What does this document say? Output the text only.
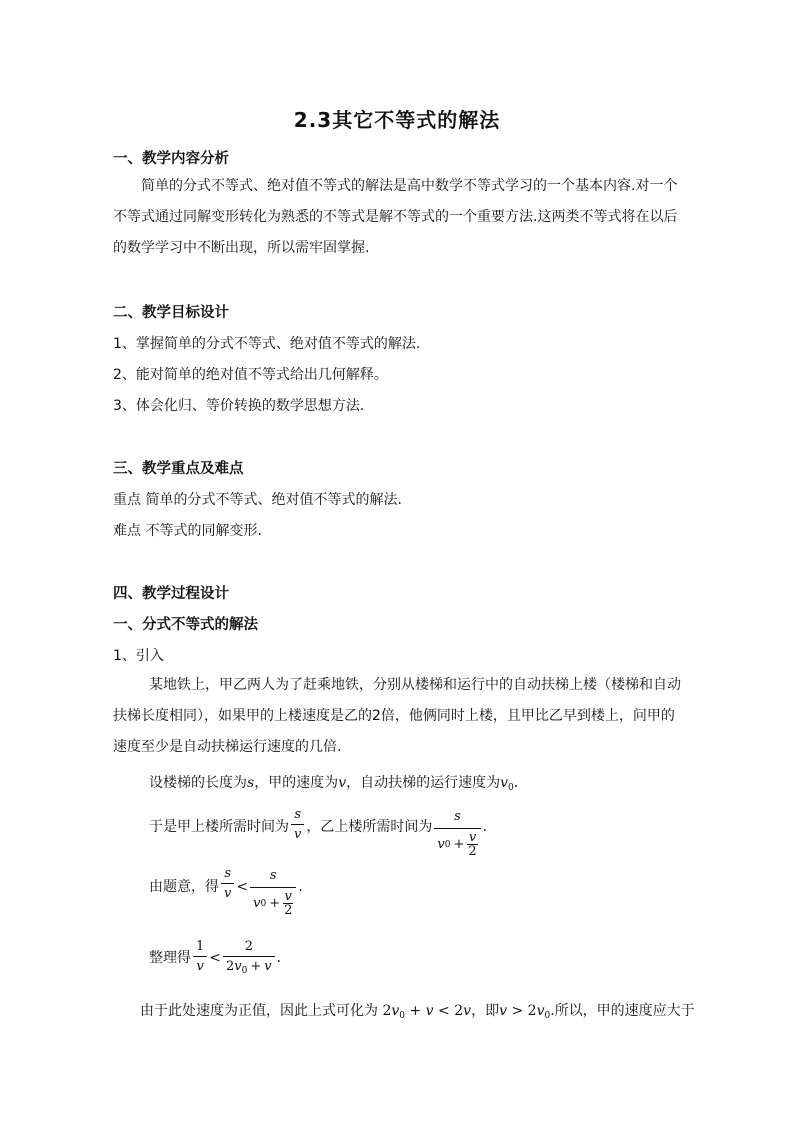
2.3其它不等式的解法
一、教学内容分析
简单的分式不等式、绝对值不等式的解法是高中数学不等式学习的一个基本内容.对一个不等式通过同解变形转化为熟悉的不等式是解不等式的一个重要方法.这两类不等式将在以后的数学学习中不断出现，所以需牢固掌握.
二、教学目标设计
1、掌握简单的分式不等式、绝对值不等式的解法.
2、能对简单的绝对值不等式给出几何解释。
3、体会化归、等价转换的数学思想方法.
三、教学重点及难点
重点 简单的分式不等式、绝对值不等式的解法.
难点 不等式的同解变形.
四、教学过程设计
一、分式不等式的解法
1、引入
某地铁上，甲乙两人为了赶乘地铁，分别从楼梯和运行中的自动扶梯上楼（楼梯和自动扶梯长度相同），如果甲的上楼速度是乙的2倍，他俩同时上楼，且甲比乙早到楼上，问甲的速度至少是自动扶梯运行速度的几倍.
设楼梯的长度为s，甲的速度为v，自动扶梯的运行速度为$v_0$.
于是甲上楼所需时间为 $\frac{s}{v}$ ，乙上楼所需时间为 $\frac{s}{v 0 + \frac{v}{2}}$ .
由题意，得 $\frac{s}{v} < \frac{s}{v 0 + \frac{v}{2}}$ .
整理得 $\frac{1}{v} < \frac{2}{2v_0 + v}$ .
由于此处速度为正值，因此上式可化为 $2v_0 + v < 2v$，即$v > 2v_0$.所以，甲的速度应大于
